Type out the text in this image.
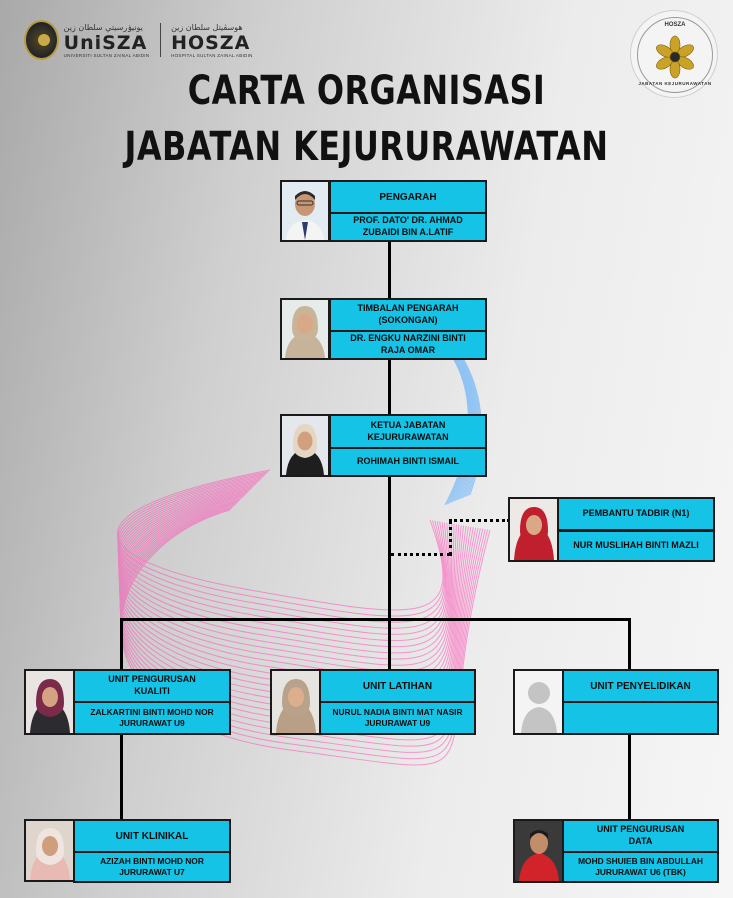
يونيۏرسيتي سلطان زين
UniSZA
UNIVERSITI SULTAN ZAINAL ABIDIN
هوسڤيتل سلطان زين
HOSZA
HOSPITAL SULTAN ZAINAL ABIDIN
HOSZA
JABATAN KEJURURAWATAN
CARTA ORGANISASI
JABATAN KEJURURAWATAN
PENGARAH
PROF. DATO' DR. AHMAD
ZUBAIDI BIN A.LATIF
TIMBALAN PENGARAH
(SOKONGAN)
DR. ENGKU NARZINI BINTI
RAJA OMAR
KETUA JABATAN
KEJURURAWATAN
ROHIMAH BINTI ISMAIL
PEMBANTU TADBIR (N1)
NUR MUSLIHAH BINTI MAZLI
UNIT PENGURUSAN
KUALITI
ZALKARTINI BINTI MOHD NOR
JURURAWAT U9
UNIT LATIHAN
NURUL NADIA BINTI MAT NASIR
JURURAWAT U9
UNIT PENYELIDIKAN
UNIT KLINIKAL
AZIZAH BINTI MOHD NOR
JURURAWAT U7
UNIT PENGURUSAN
DATA
MOHD SHUIEB BIN ABDULLAH
JURURAWAT U6 (TBK)
